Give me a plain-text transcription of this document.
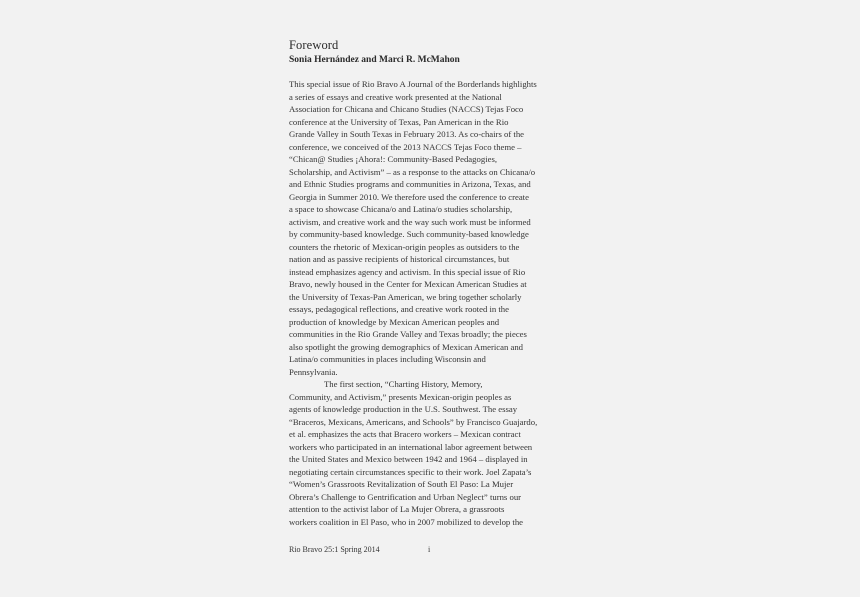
Foreword
Sonia Hernández and Marci R. McMahon
This special issue of Rio Bravo A Journal of the Borderlands highlights
a series of essays and creative work presented at the National
Association for Chicana and Chicano Studies (NACCS) Tejas Foco
conference at the University of Texas, Pan American in the Rio
Grande Valley in South Texas in February 2013. As co-chairs of the
conference, we conceived of the 2013 NACCS Tejas Foco theme –
“Chican@ Studies ¡Ahora!: Community-Based Pedagogies,
Scholarship, and Activism” – as a response to the attacks on Chicana/o
and Ethnic Studies programs and communities in Arizona, Texas, and
Georgia in Summer 2010. We therefore used the conference to create
a space to showcase Chicana/o and Latina/o studies scholarship,
activism, and creative work and the way such work must be informed
by community-based knowledge. Such community-based knowledge
counters the rhetoric of Mexican-origin peoples as outsiders to the
nation and as passive recipients of historical circumstances, but
instead emphasizes agency and activism. In this special issue of Rio
Bravo, newly housed in the Center for Mexican American Studies at
the University of Texas-Pan American, we bring together scholarly
essays, pedagogical reflections, and creative work rooted in the
production of knowledge by Mexican American peoples and
communities in the Rio Grande Valley and Texas broadly; the pieces
also spotlight the growing demographics of Mexican American and
Latina/o communities in places including Wisconsin and
Pennsylvania.
The first section, “Charting History, Memory,
Community, and Activism,” presents Mexican-origin peoples as
agents of knowledge production in the U.S. Southwest. The essay
“Braceros, Mexicans, Americans, and Schools” by Francisco Guajardo,
et al. emphasizes the acts that Bracero workers – Mexican contract
workers who participated in an international labor agreement between
the United States and Mexico between 1942 and 1964 – displayed in
negotiating certain circumstances specific to their work. Joel Zapata’s
“Women’s Grassroots Revitalization of South El Paso: La Mujer
Obrera’s Challenge to Gentrification and Urban Neglect” turns our
attention to the activist labor of La Mujer Obrera, a grassroots
workers coalition in El Paso, who in 2007 mobilized to develop the
Rio Bravo 25:1 Spring 2014	i
